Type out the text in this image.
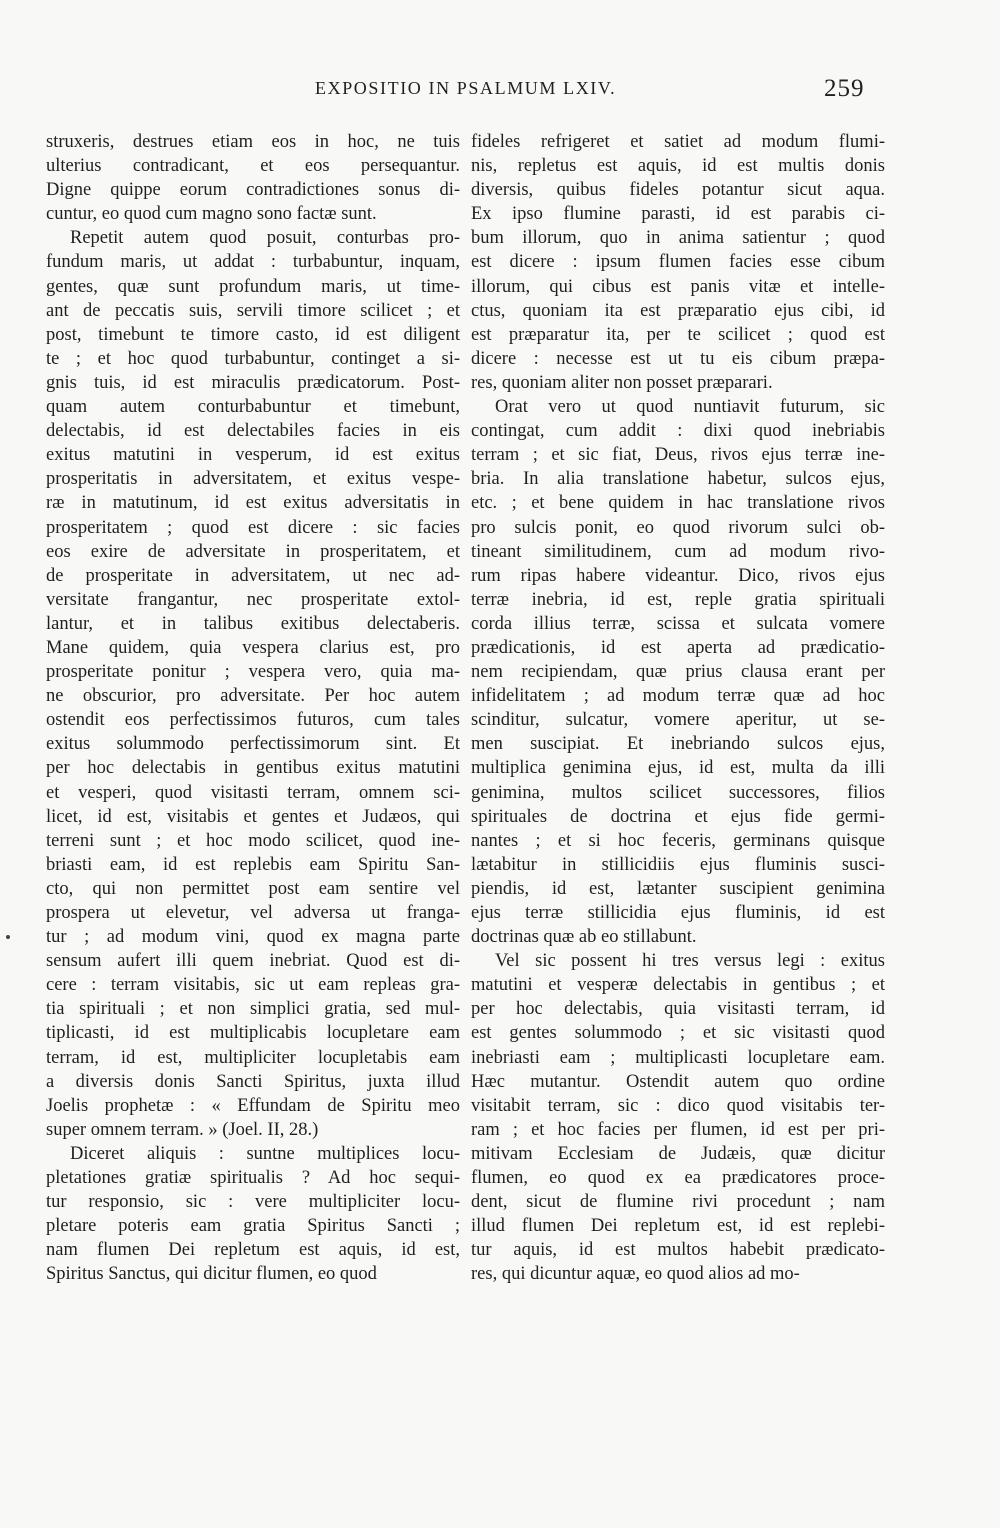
EXPOSITIO IN PSALMUM LXIV.	259
struxeris, destrues etiam eos in hoc, ne tuis
ulterius contradicant, et eos persequantur.
Digne quippe eorum contradictiones sonus di-
cuntur, eo quod cum magno sono factæ sunt.
Repetit autem quod posuit, conturbas pro-
fundum maris, ut addat : turbabuntur, inquam,
gentes, quæ sunt profundum maris, ut time-
ant de peccatis suis, servili timore scilicet ; et
post, timebunt te timore casto, id est diligent
te ; et hoc quod turbabuntur, continget a si-
gnis tuis, id est miraculis prædicatorum. Post-
quam autem conturbabuntur et timebunt,
delectabis, id est delectabiles facies in eis
exitus matutini in vesperum, id est exitus
prosperitatis in adversitatem, et exitus vespe-
ræ in matutinum, id est exitus adversitatis in
prosperitatem ; quod est dicere : sic facies
eos exire de adversitate in prosperitatem, et
de prosperitate in adversitatem, ut nec ad-
versitate frangantur, nec prosperitate extol-
lantur, et in talibus exitibus delectaberis.
Mane quidem, quia vespera clarius est, pro
prosperitate ponitur ; vespera vero, quia ma-
ne obscurior, pro adversitate. Per hoc autem
ostendit eos perfectissimos futuros, cum tales
exitus solummodo perfectissimorum sint. Et
per hoc delectabis in gentibus exitus matutini
et vesperi, quod visitasti terram, omnem sci-
licet, id est, visitabis et gentes et Judæos, qui
terreni sunt ; et hoc modo scilicet, quod ine-
briasti eam, id est replebis eam Spiritu San-
cto, qui non permittet post eam sentire vel
prospera ut elevetur, vel adversa ut franga-
tur ; ad modum vini, quod ex magna parte
sensum aufert illi quem inebriat. Quod est di-
cere : terram visitabis, sic ut eam repleas gra-
tia spirituali ; et non simplici gratia, sed mul-
tiplicasti, id est multiplicabis locupletare eam
terram, id est, multipliciter locupletabis eam
a diversis donis Sancti Spiritus, juxta illud
Joelis prophetæ : « Effundam de Spiritu meo
super omnem terram. » (Joel. II, 28.)
Diceret aliquis : suntne multiplices locu-
pletationes gratiæ spiritualis ? Ad hoc sequi-
tur responsio, sic : vere multipliciter locu-
pletare poteris eam gratia Spiritus Sancti ;
nam flumen Dei repletum est aquis, id est,
Spiritus Sanctus, qui dicitur flumen, eo quod
fideles refrigeret et satiet ad modum flumi-
nis, repletus est aquis, id est multis donis
diversis, quibus fideles potantur sicut aqua.
Ex ipso flumine parasti, id est parabis ci-
bum illorum, quo in anima satientur ; quod
est dicere : ipsum flumen facies esse cibum
illorum, qui cibus est panis vitæ et intelle-
ctus, quoniam ita est præparatio ejus cibi, id
est præparatur ita, per te scilicet ; quod est
dicere : necesse est ut tu eis cibum præpa-
res, quoniam aliter non posset præparari.
Orat vero ut quod nuntiavit futurum, sic
contingat, cum addit : dixi quod inebriabis
terram ; et sic fiat, Deus, rivos ejus terræ ine-
bria. In alia translatione habetur, sulcos ejus,
etc. ; et bene quidem in hac translatione rivos
pro sulcis ponit, eo quod rivorum sulci ob-
tineant similitudinem, cum ad modum rivo-
rum ripas habere videantur. Dico, rivos ejus
terræ inebria, id est, reple gratia spirituali
corda illius terræ, scissa et sulcata vomere
prædicationis, id est aperta ad prædicatio-
nem recipiendam, quæ prius clausa erant per
infidelitatem ; ad modum terræ quæ ad hoc
scinditur, sulcatur, vomere aperitur, ut se-
men suscipiat. Et inebriando sulcos ejus,
multiplica genimina ejus, id est, multa da illi
genimina, multos scilicet successores, filios
spirituales de doctrina et ejus fide germi-
nantes ; et si hoc feceris, germinans quisque
lætabitur in stillicidiis ejus fluminis susci-
piendis, id est, lætanter suscipient genimina
ejus terræ stillicidia ejus fluminis, id est
doctrinas quæ ab eo stillabunt.
Vel sic possent hi tres versus legi : exitus
matutini et vesperæ delectabis in gentibus ; et
per hoc delectabis, quia visitasti terram, id
est gentes solummodo ; et sic visitasti quod
inebriasti eam ; multiplicasti locupletare eam.
Hæc mutantur. Ostendit autem quo ordine
visitabit terram, sic : dico quod visitabis ter-
ram ; et hoc facies per flumen, id est per pri-
mitivam Ecclesiam de Judæis, quæ dicitur
flumen, eo quod ex ea prædicatores proce-
dent, sicut de flumine rivi procedunt ; nam
illud flumen Dei repletum est, id est replebi-
tur aquis, id est multos habebit prædicato-
res, qui dicuntur aquæ, eo quod alios ad mo-
